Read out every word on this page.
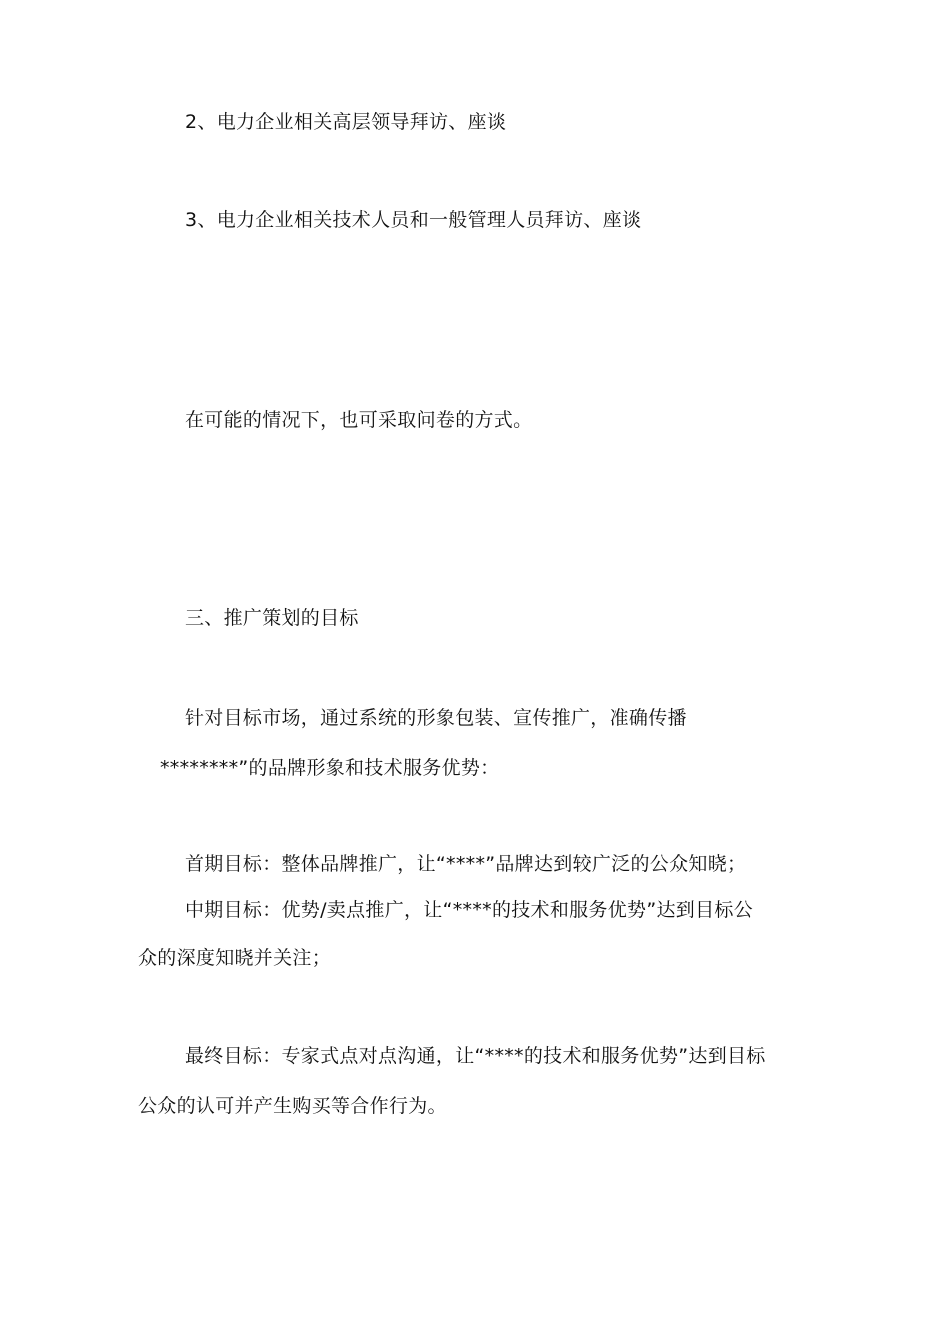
2、电力企业相关高层领导拜访、座谈
3、电力企业相关技术人员和一般管理人员拜访、座谈
在可能的情况下，也可采取问卷的方式。
三、推广策划的目标
针对目标市场，通过系统的形象包装、宣传推广，准确传播
********”的品牌形象和技术服务优势：
首期目标：整体品牌推广，让“****”品牌达到较广泛的公众知晓；
中期目标：优势/卖点推广，让“****的技术和服务优势”达到目标公
众的深度知晓并关注；
最终目标：专家式点对点沟通，让“****的技术和服务优势”达到目标
公众的认可并产生购买等合作行为。
